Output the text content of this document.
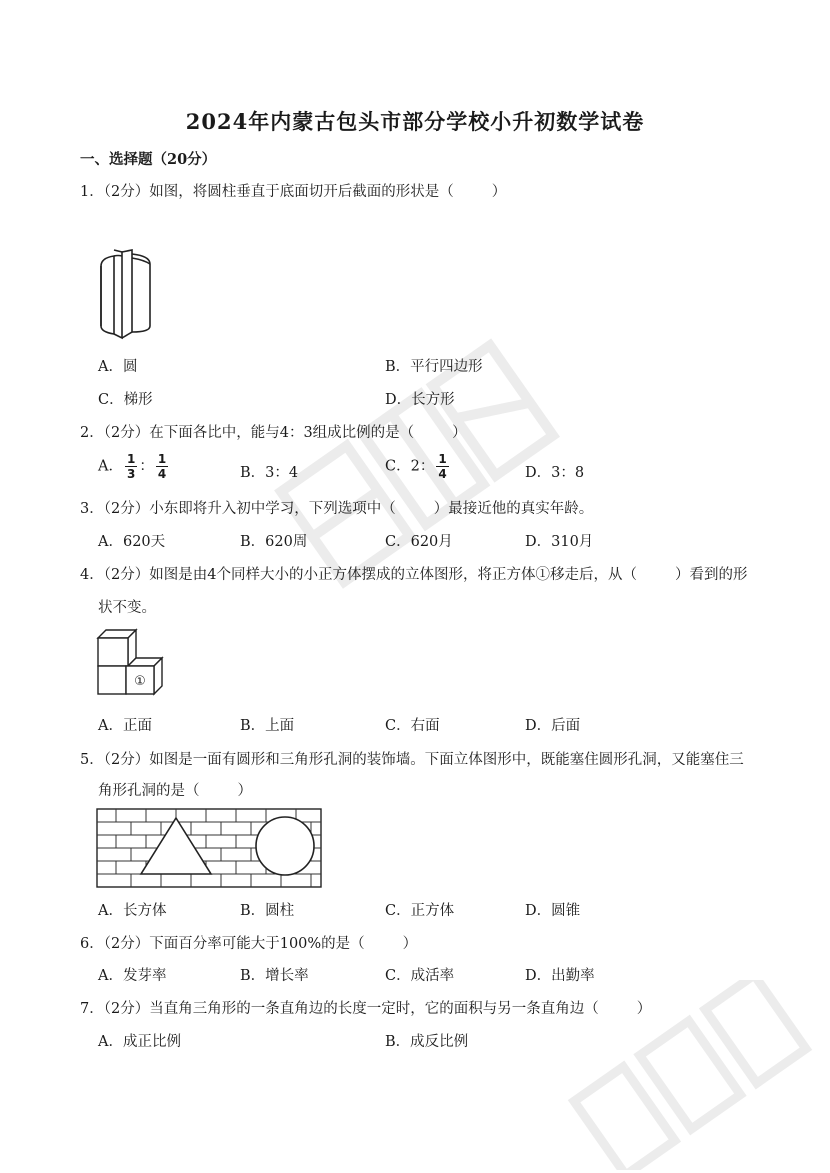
2024年内蒙古包头市部分学校小升初数学试卷
一、选择题（20分）
1．（2分）如图，将圆柱垂直于底面切开后截面的形状是（	）
A．圆	B．平行四边形
C．梯形	D．长方形
2．（2分）在下面各比中，能与4：3组成比例的是（	）
A． $\frac{1}{3}$ ： $\frac{1}{4}$	B．3：4	C．2： $\frac{1}{4}$	D．3：8
3．（2分）小东即将升入初中学习，下列选项中（	）最接近他的真实年龄。
A．620天	B．620周	C．620月	D．310月
4．（2分）如图是由4个同样大小的小正方体摆成的立体图形，将正方体①移走后，从（	）看到的形
状不变。
①
A．正面	B．上面	C．右面	D．后面
5．（2分）如图是一面有圆形和三角形孔洞的装饰墙。下面立体图形中，既能塞住圆形孔洞，又能塞住三
角形孔洞的是（	）
A．长方体	B．圆柱	C．正方体	D．圆锥
6．（2分）下面百分率可能大于100%的是（	）
A．发芽率	B．增长率	C．成活率	D．出勤率
7．（2分）当直角三角形的一条直角边的长度一定时，它的面积与另一条直角边（	）
A．成正比例	B．成反比例
